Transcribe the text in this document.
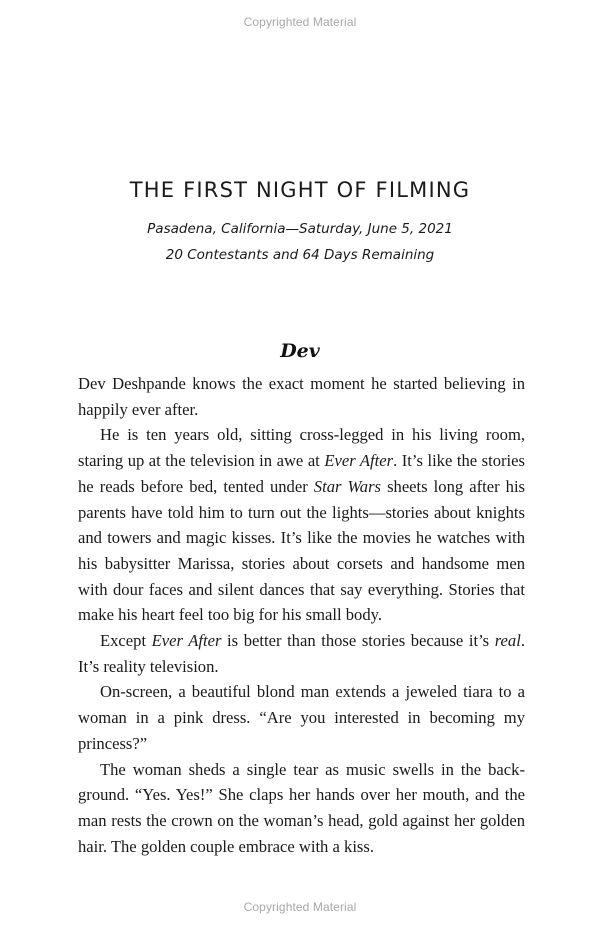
Copyrighted Material
THE FIRST NIGHT OF FILMING

Pasadena, California—Saturday, June 5, 2021

20 Contestants and 64 Days Remaining

Dev

Dev Deshpande knows the exact moment he started believing in happily ever after.

He is ten years old, sitting cross-legged in his living room, staring up at the television in awe at Ever After. It’s like the stories he reads before bed, tented under Star Wars sheets long after his parents have told him to turn out the lights—stories about knights and towers and magic kisses. It’s like the movies he watches with his babysitter Marissa, stories about corsets and handsome men with dour faces and silent dances that say everything. Stories that make his heart feel too big for his small body.

Except Ever After is better than those stories because it’s real. It’s reality television.

On-screen, a beautiful blond man extends a jeweled tiara to a woman in a pink dress. “Are you interested in becoming my princess?”

The woman sheds a single tear as music swells in the background. “Yes. Yes!” She claps her hands over her mouth, and the man rests the crown on the woman’s head, gold against her golden hair. The golden couple embrace with a kiss.

Copyrighted Material
